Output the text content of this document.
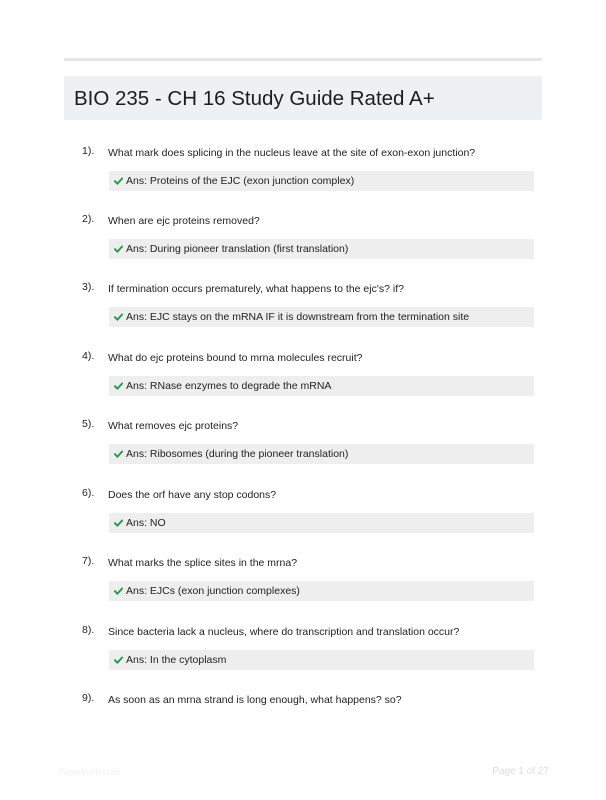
BIO 235 - CH 16 Study Guide Rated A+
1). What mark does splicing in the nucleus leave at the site of exon-exon junction?
Ans: Proteins of the EJC (exon junction complex)
2). When are ejc proteins removed?
Ans: During pioneer translation (first translation)
3). If termination occurs prematurely, what happens to the ejc's? if?
Ans: EJC stays on the mRNA IF it is downstream from the termination site
4). What do ejc proteins bound to mrna molecules recruit?
Ans: RNase enzymes to degrade the mRNA
5). What removes ejc proteins?
Ans: Ribosomes (during the pioneer translation)
6). Does the orf have any stop codons?
Ans: NO
7). What marks the splice sites in the mrna?
Ans: EJCs (exon junction complexes)
8). Since bacteria lack a nucleus, where do transcription and translation occur?
Ans: In the cytoplasm
9). As soon as an mrna strand is long enough, what happens? so?
PaperWeb.com	Page 1 of 27
